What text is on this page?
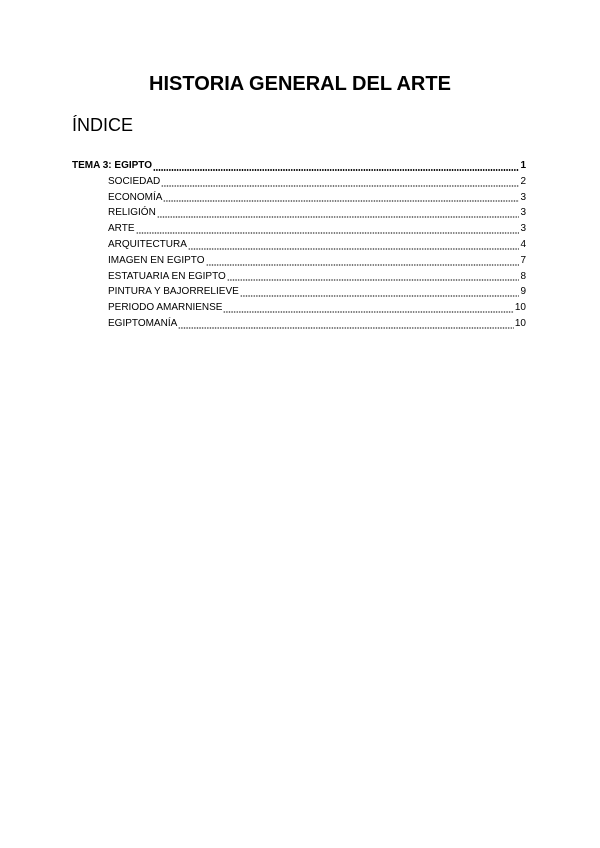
HISTORIA GENERAL DEL ARTE
ÍNDICE
TEMA 3: EGIPTO	1
SOCIEDAD	2
ECONOMÍA	3
RELIGIÓN	3
ARTE	3
ARQUITECTURA	4
IMAGEN EN EGIPTO	7
ESTATUARIA EN EGIPTO	8
PINTURA Y BAJORRELIEVE	9
PERIODO AMARNIENSE	10
EGIPTOMANÍA	10
